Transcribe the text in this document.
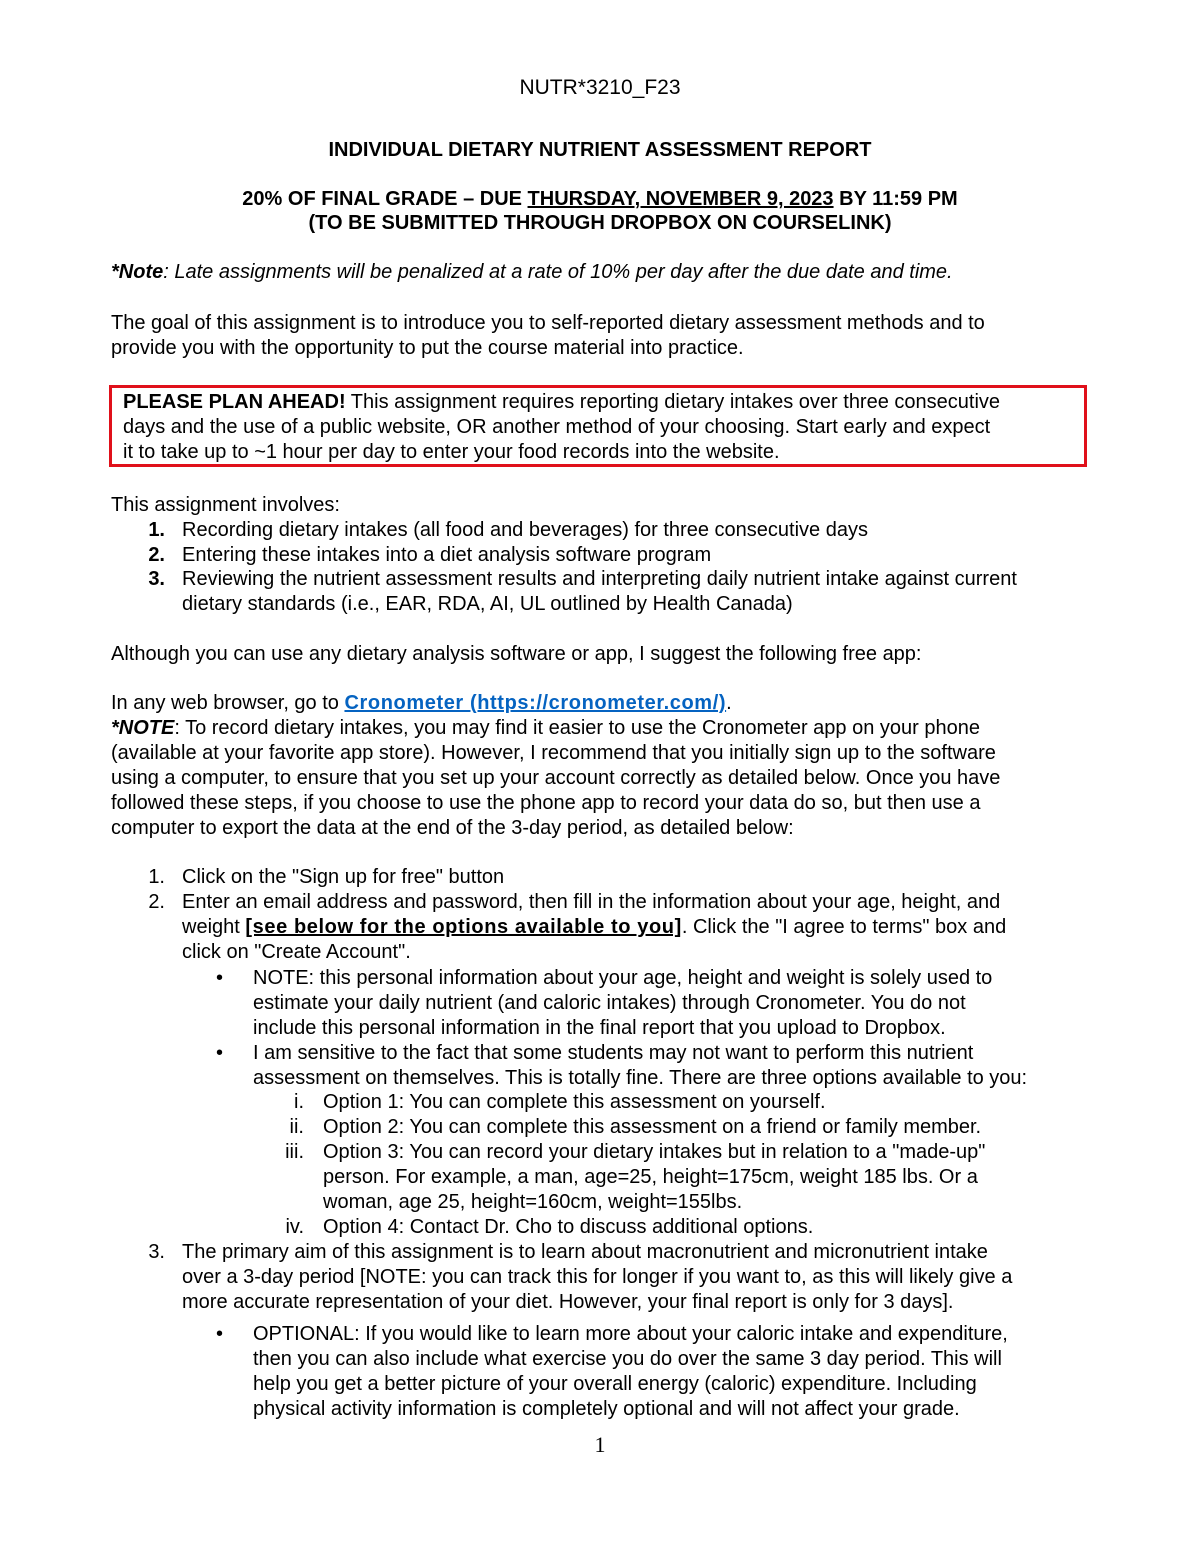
NUTR*3210_F23
INDIVIDUAL DIETARY NUTRIENT ASSESSMENT REPORT
20% OF FINAL GRADE – DUE THURSDAY, NOVEMBER 9, 2023 BY 11:59 PM
(TO BE SUBMITTED THROUGH DROPBOX ON COURSELINK)
*Note: Late assignments will be penalized at a rate of 10% per day after the due date and time.
The goal of this assignment is to introduce you to self-reported dietary assessment methods and to
provide you with the opportunity to put the course material into practice.
PLEASE PLAN AHEAD! This assignment requires reporting dietary intakes over three consecutive
days and the use of a public website, OR another method of your choosing. Start early and expect
it to take up to ~1 hour per day to enter your food records into the website.
This assignment involves:
1. Recording dietary intakes (all food and beverages) for three consecutive days
2. Entering these intakes into a diet analysis software program
3. Reviewing the nutrient assessment results and interpreting daily nutrient intake against current
dietary standards (i.e., EAR, RDA, AI, UL outlined by Health Canada)
Although you can use any dietary analysis software or app, I suggest the following free app:
In any web browser, go to Cronometer (https://cronometer.com/).
*NOTE: To record dietary intakes, you may find it easier to use the Cronometer app on your phone
(available at your favorite app store). However, I recommend that you initially sign up to the software
using a computer, to ensure that you set up your account correctly as detailed below. Once you have
followed these steps, if you choose to use the phone app to record your data do so, but then use a
computer to export the data at the end of the 3-day period, as detailed below:
1. Click on the "Sign up for free" button
2. Enter an email address and password, then fill in the information about your age, height, and
weight [see below for the options available to you]. Click the "I agree to terms" box and
click on "Create Account".
• NOTE: this personal information about your age, height and weight is solely used to
estimate your daily nutrient (and caloric intakes) through Cronometer. You do not
include this personal information in the final report that you upload to Dropbox.
• I am sensitive to the fact that some students may not want to perform this nutrient
assessment on themselves. This is totally fine. There are three options available to you:
i. Option 1: You can complete this assessment on yourself.
ii. Option 2: You can complete this assessment on a friend or family member.
iii. Option 3: You can record your dietary intakes but in relation to a "made-up"
person. For example, a man, age=25, height=175cm, weight 185 lbs. Or a
woman, age 25, height=160cm, weight=155lbs.
iv. Option 4: Contact Dr. Cho to discuss additional options.
3. The primary aim of this assignment is to learn about macronutrient and micronutrient intake
over a 3-day period [NOTE: you can track this for longer if you want to, as this will likely give a
more accurate representation of your diet. However, your final report is only for 3 days].
• OPTIONAL: If you would like to learn more about your caloric intake and expenditure,
then you can also include what exercise you do over the same 3 day period. This will
help you get a better picture of your overall energy (caloric) expenditure. Including
physical activity information is completely optional and will not affect your grade.
1
